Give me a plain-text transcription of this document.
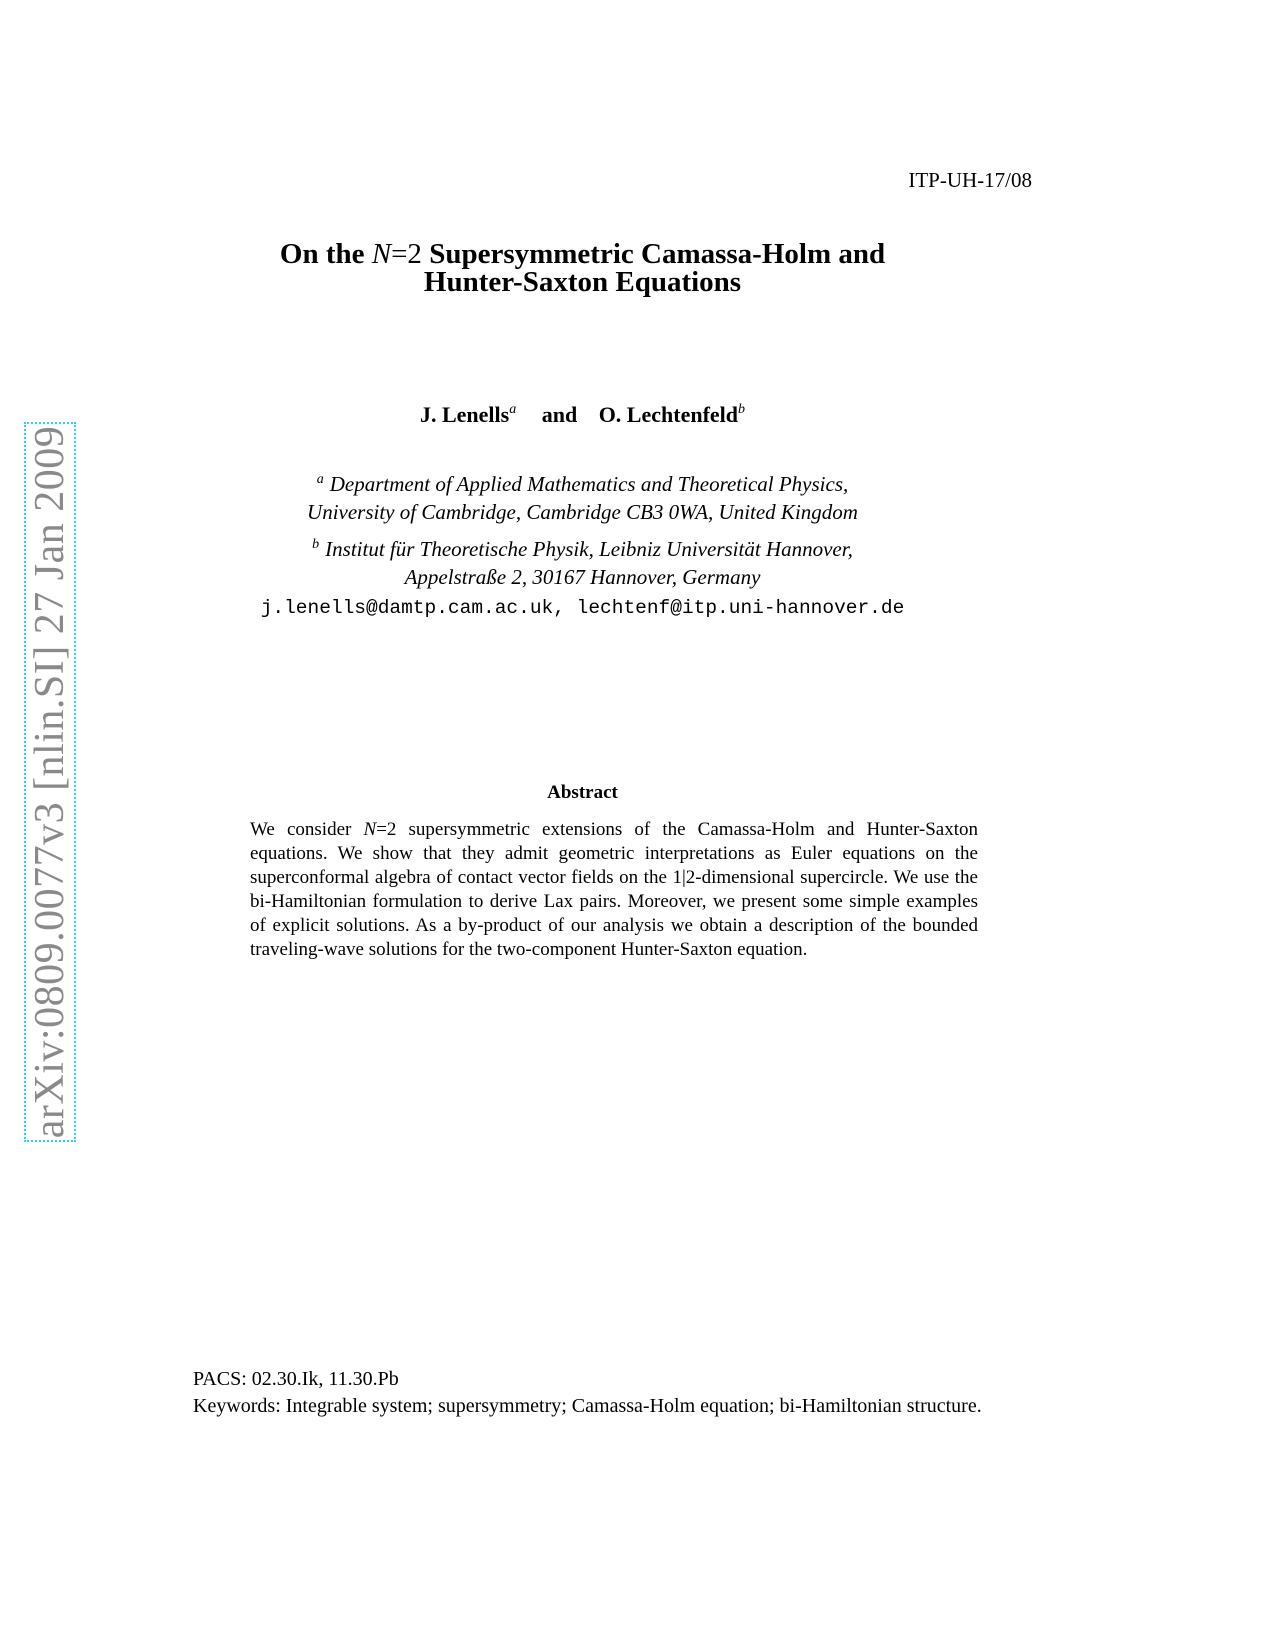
ITP-UH-17/08
On the N=2 Supersymmetric Camassa-Holm and
Hunter-Saxton Equations
J. Lenells$^a$ and O. Lechtenfeld$^b$
$^a$ Department of Applied Mathematics and Theoretical Physics,
University of Cambridge, Cambridge CB3 0WA, United Kingdom
$^b$ Institut für Theoretische Physik, Leibniz Universität Hannover,
Appelstraße 2, 30167 Hannover, Germany
j.lenells@damtp.cam.ac.uk, lechtenf@itp.uni-hannover.de
Abstract
We consider N=2 supersymmetric extensions of the Camassa-Holm and Hunter-Saxton equations. We show that they admit geometric interpretations as Euler equations on the superconformal algebra of contact vector fields on the 1|2-dimensional supercircle. We use the bi-Hamiltonian formulation to derive Lax pairs. Moreover, we present some simple examples of explicit solutions. As a by-product of our analysis we obtain a description of the bounded traveling-wave solutions for the two-component Hunter-Saxton equation.
PACS: 02.30.Ik, 11.30.Pb
Keywords: Integrable system; supersymmetry; Camassa-Holm equation; bi-Hamiltonian structure.
arXiv:0809.0077v3 [nlin.SI] 27 Jan 2009
